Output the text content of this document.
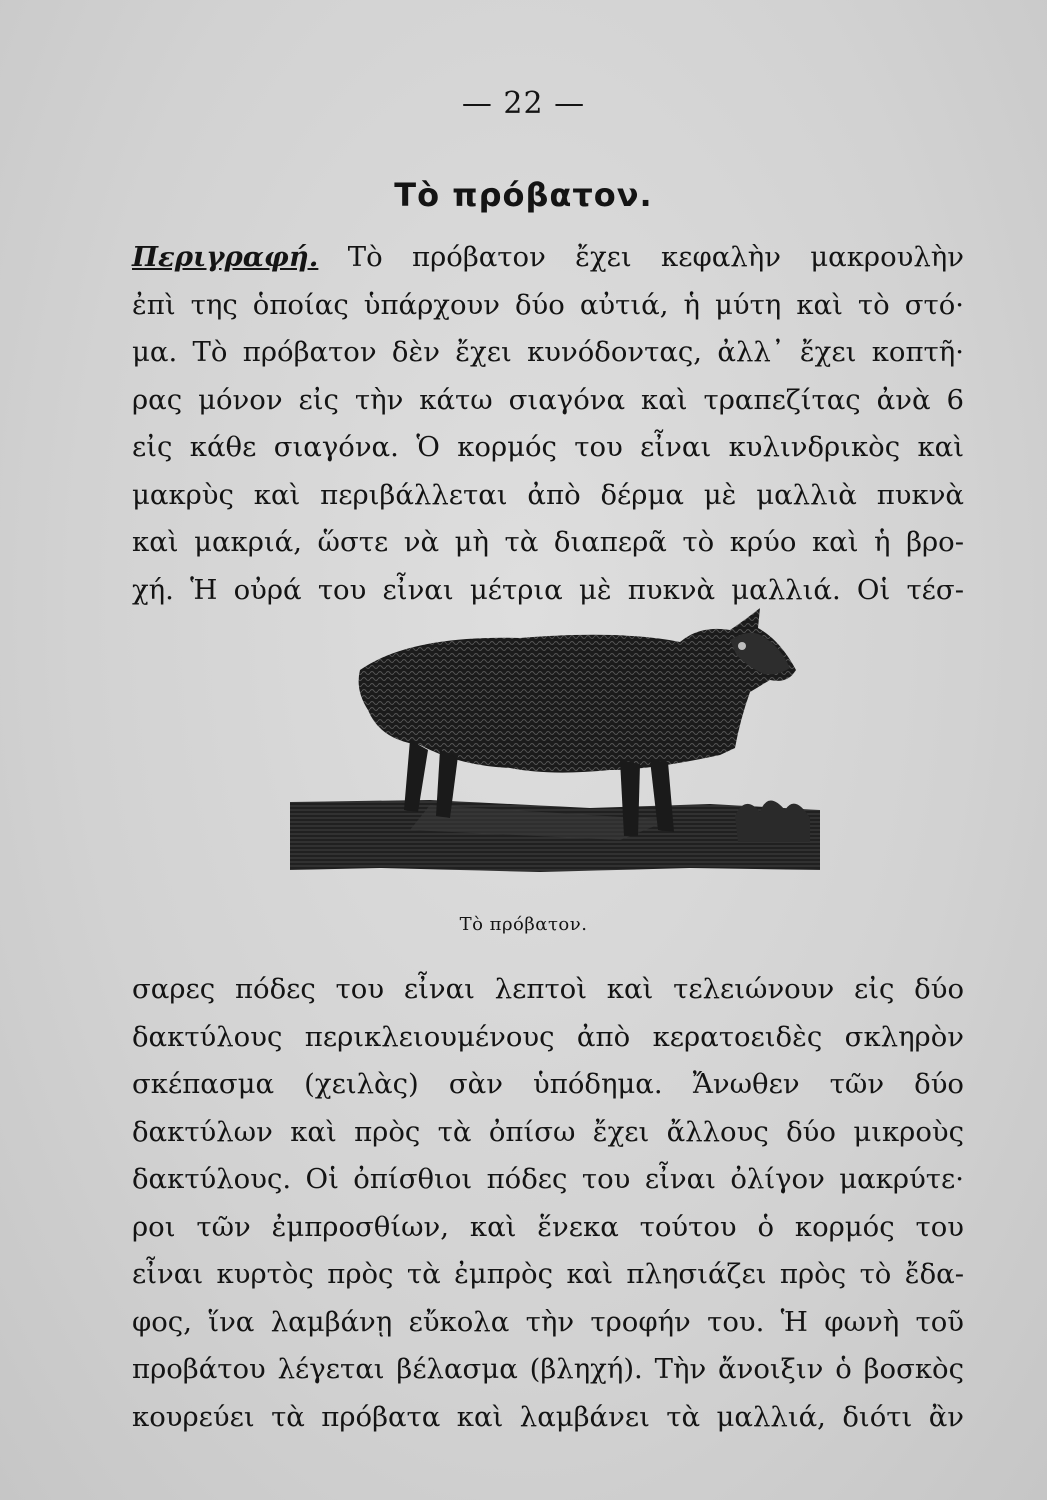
— 22 —
Τὸ πρόβατον.
Περιγραφή. Τὸ πρόβατον ἔχει κεφαλὴν μακρουλὴν
ἐπὶ της ὁποίας ὑπάρχουν δύο αὐτιά, ἡ μύτη καὶ τὸ στό·
μα. Τὸ πρόβατον δὲν ἔχει κυνόδοντας, ἀλλ᾽ ἔχει κοπτῆ·
ρας μόνον εἰς τὴν κάτω σιαγόνα καὶ τραπεζίτας ἀνὰ 6
εἰς κάθε σιαγόνα. Ὁ κορμός του εἶναι κυλινδρικὸς καὶ
μακρὺς καὶ περιβάλλεται ἀπὸ δέρμα μὲ μαλλιὰ πυκνὰ
καὶ μακριά, ὥστε νὰ μὴ τὰ διαπερᾶ τὸ κρύο καὶ ἡ βρο-
χή. Ἡ οὐρά του εἶναι μέτρια μὲ πυκνὰ μαλλιά. Οἱ τέσ-
Τὸ πρόβατον.
σαρες πόδες του εἶναι λεπτοὶ καὶ τελειώνουν εἰς δύο
δακτύλους περικλειουμένους ἀπὸ κερατοειδὲς σκληρὸν
σκέπασμα (χειλὰς) σὰν ὑπόδημα. Ἄνωθεν τῶν δύο
δακτύλων καὶ πρὸς τὰ ὀπίσω ἔχει ἄλλους δύο μικροὺς
δακτύλους. Οἱ ὀπίσθιοι πόδες του εἶναι ὀλίγον μακρύτε·
ροι τῶν ἐμπροσθίων, καὶ ἕνεκα τούτου ὁ κορμός του
εἶναι κυρτὸς πρὸς τὰ ἐμπρὸς καὶ πλησιάζει πρὸς τὸ ἔδα-
φος, ἵνα λαμβάνῃ εὔκολα τὴν τροφήν του. Ἡ φωνὴ τοῦ
προβάτου λέγεται βέλασμα (βληχή). Τὴν ἄνοιξιν ὁ βοσκὸς
κουρεύει τὰ πρόβατα καὶ λαμβάνει τὰ μαλλιά, διότι ἂν
